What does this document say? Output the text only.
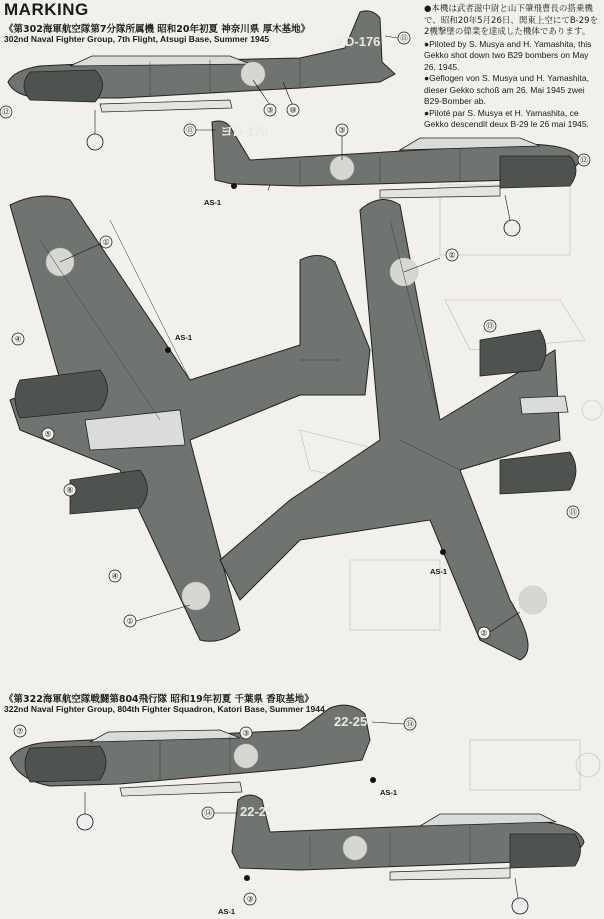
MARKING
《第302海軍航空隊第7分隊所属機 昭和20年初夏 神奈川県 厚木基地》
302nd Naval Fighter Group, 7th Flight, Atsugi Base, Summer 1945

●本機は武者滋中尉と山下肇飛曹長の搭乗機で、昭和20年5月26日、関東上空にてB-29を2機撃墜の偉業を達成した機体であります。

●Piloted by S. Musya and H. Yamashita, this Gekko shot down two B29 bombers on May 26, 1945.

●Geflogen von S. Musya und H. Yamashita, dieser Gekko schoß am 26. Mai 1945 zwei B29-Bomber ab.

●Piloté par S. Musya et H. Yamashita, ce Gekko descendit deux B-29 le 26 mai 1945.

《第322海軍航空隊戦闘第804飛行隊 昭和19年初夏 千葉県 香取基地》
322nd Naval Fighter Group, 804th Fighter Squadron, Katori Base, Summer 1944
ヨD-176	⑪
③ ⑩
⑫
ヨD-176
⑪	③
⑫
AS-1
①
④
⑤
⑥
④
①
AS-1
②
⑬
⑬
②
AS-1
22-25
⑦	③
⑭
AS-1
22-25
⑭
③
AS-1
